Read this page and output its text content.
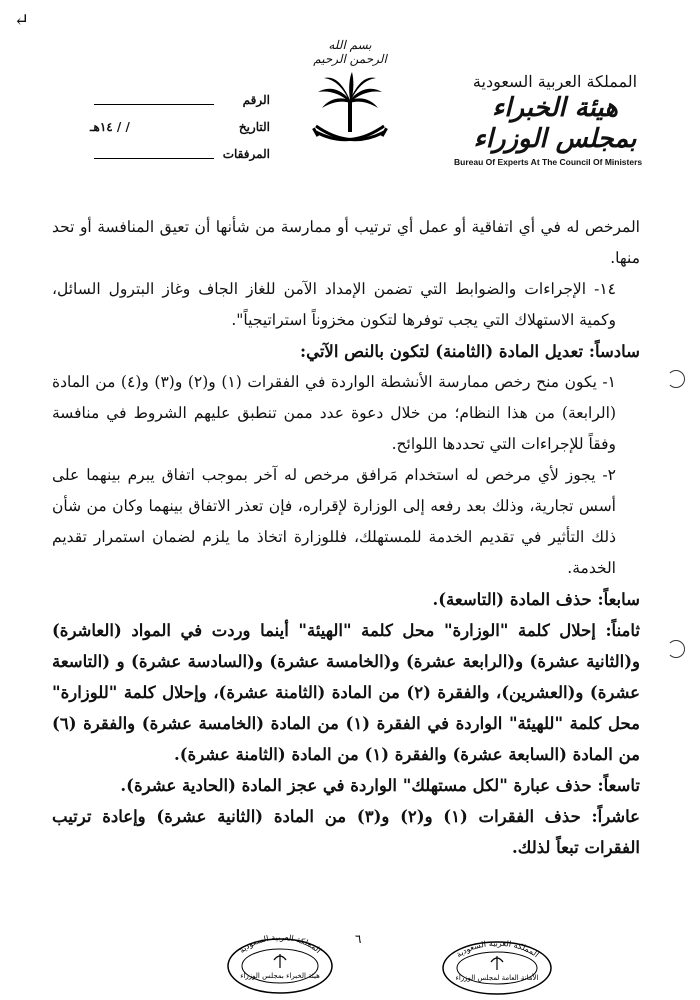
↵
المملكة العربية السعودية
هيئة الخبراء بمجلس الوزراء
Bureau Of Experts At The Council Of Ministers
بسم الله الرحمن الرحيم
الرقم
التاريخ
/ / ١٤هـ
المرفقات

المرخص له في أي اتفاقية أو عمل أي ترتيب أو ممارسة من شأنها أن تعيق المنافسة أو تحد منها.

١٤- الإجراءات والضوابط التي تضمن الإمداد الآمن للغاز الجاف وغاز البترول السائل، وكمية الاستهلاك التي يجب توفرها لتكون مخزوناً استراتيجياً".

سادساً: تعديل المادة (الثامنة) لتكون بالنص الآتي:

١- يكون منح رخص ممارسة الأنشطة الواردة في الفقرات (١) و(٢) و(٣) و(٤) من المادة (الرابعة) من هذا النظام؛ من خلال دعوة عدد ممن تنطبق عليهم الشروط في منافسة وفقاً للإجراءات التي تحددها اللوائح.

٢- يجوز لأي مرخص له استخدام مَرافق مرخص له آخر بموجب اتفاق يبرم بينهما على أسس تجارية، وذلك بعد رفعه إلى الوزارة لإقراره، فإن تعذر الاتفاق بينهما وكان من شأن ذلك التأثير في تقديم الخدمة للمستهلك، فللوزارة اتخاذ ما يلزم لضمان استمرار تقديم الخدمة.

سابعاً: حذف المادة (التاسعة).

ثامناً: إحلال كلمة "الوزارة" محل كلمة "الهيئة" أينما وردت في المواد (العاشرة) و(الثانية عشرة) و(الرابعة عشرة) و(الخامسة عشرة) و(السادسة عشرة) و (التاسعة عشرة) و(العشرين)، والفقرة (٢) من المادة (الثامنة عشرة)، وإحلال كلمة "للوزارة" محل كلمة "للهيئة" الواردة في الفقرة (١) من المادة (الخامسة عشرة) والفقرة (٦) من المادة (السابعة عشرة) والفقرة (١) من المادة (الثامنة عشرة).

تاسعاً: حذف عبارة "لكل مستهلك" الواردة في عجز المادة (الحادية عشرة).

عاشراً: حذف الفقرات (١) و(٢) و(٣) من المادة (الثانية عشرة) وإعادة ترتيب الفقرات تبعاً لذلك.

٦
المملكة العربية السعودية
هيئة الخبراء بمجلس الوزراء
المملكة العربية السعودية
الأمانة العامة لمجلس الوزراء
